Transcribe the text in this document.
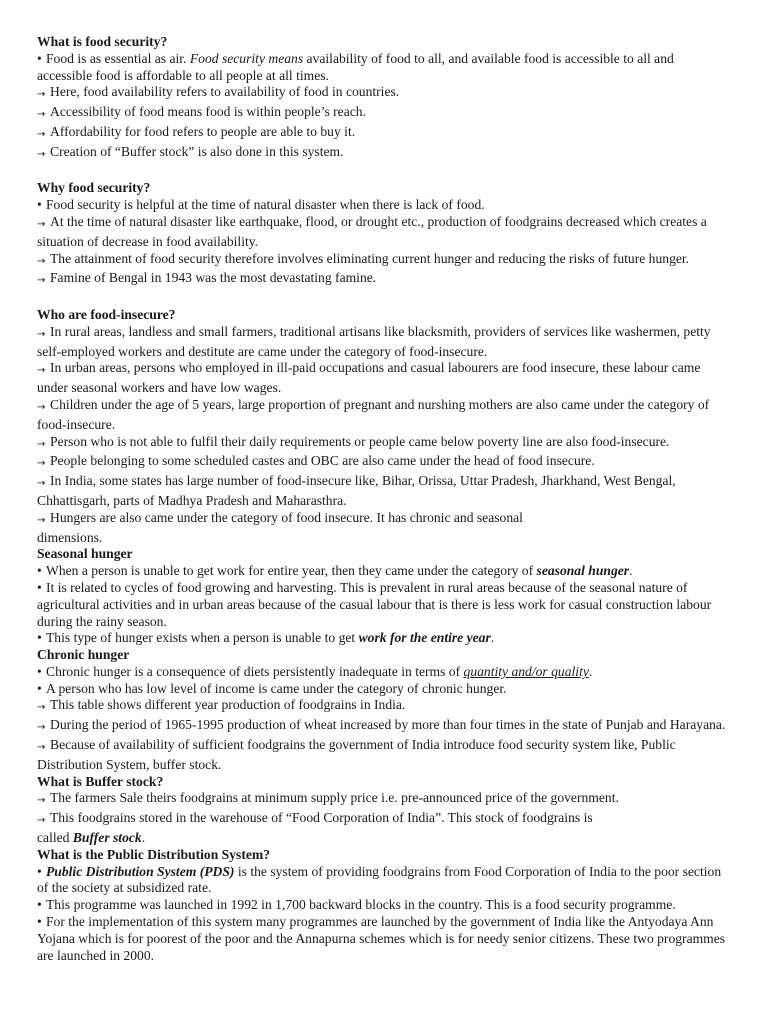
What is food security?

• Food is as essential as air. Food security means availability of food to all, and available food is accessible to all and accessible food is affordable to all people at all times.

→ Here, food availability refers to availability of food in countries.

→ Accessibility of food means food is within people’s reach.

→ Affordability for food refers to people are able to buy it.

→ Creation of “Buffer stock” is also done in this system.

Why food security?

• Food security is helpful at the time of natural disaster when there is lack of food.

→ At the time of natural disaster like earthquake, flood, or drought etc., production of foodgrains decreased which creates a situation of decrease in food availability.

→ The attainment of food security therefore involves eliminating current hunger and reducing the risks of future hunger.

→ Famine of Bengal in 1943 was the most devastating famine.

Who are food-insecure?

→ In rural areas, landless and small farmers, traditional artisans like blacksmith, providers of services like washermen, petty self-employed workers and destitute are came under the category of food-insecure.

→ In urban areas, persons who employed in ill-paid occupations and casual labourers are food insecure, these labour came under seasonal workers and have low wages.

→ Children under the age of 5 years, large proportion of pregnant and nurshing mothers are also came under the category of food-insecure.

→ Person who is not able to fulfil their daily requirements or people came below poverty line are also food-insecure.

→ People belonging to some scheduled castes and OBC are also came under the head of food insecure.

→ In India, some states has large number of food-insecure like, Bihar, Orissa, Uttar Pradesh, Jharkhand, West Bengal, Chhattisgarh, parts of Madhya Pradesh and Maharasthra.

→ Hungers are also came under the category of food insecure. It has chronic and seasonal
dimensions.

Seasonal hunger

• When a person is unable to get work for entire year, then they came under the category of seasonal hunger.

• It is related to cycles of food growing and harvesting. This is prevalent in rural areas because of the seasonal nature of agricultural activities and in urban areas because of the casual labour that is there is less work for casual construction labour during the rainy season.

• This type of hunger exists when a person is unable to get work for the entire year.

Chronic hunger

• Chronic hunger is a consequence of diets persistently inadequate in terms of quantity and/or quality.

• A person who has low level of income is came under the category of chronic hunger.

→ This table shows different year production of foodgrains in India.

→ During the period of 1965-1995 production of wheat increased by more than four times in the state of Punjab and Harayana.

→ Because of availability of sufficient foodgrains the government of India introduce food security system like, Public Distribution System, buffer stock.

What is Buffer stock?

→ The farmers Sale theirs foodgrains at minimum supply price i.e. pre-announced price of the government.

→ This foodgrains stored in the warehouse of “Food Corporation of India”. This stock of foodgrains is
called Buffer stock.

What is the Public Distribution System?

• Public Distribution System (PDS) is the system of providing foodgrains from Food Corporation of India to the poor section of the society at subsidized rate.

• This programme was launched in 1992 in 1,700 backward blocks in the country. This is a food security programme.

• For the implementation of this system many programmes are launched by the government of India like the Antyodaya Ann Yojana which is for poorest of the poor and the Annapurna schemes which is for needy senior citizens. These two programmes are launched in 2000.
